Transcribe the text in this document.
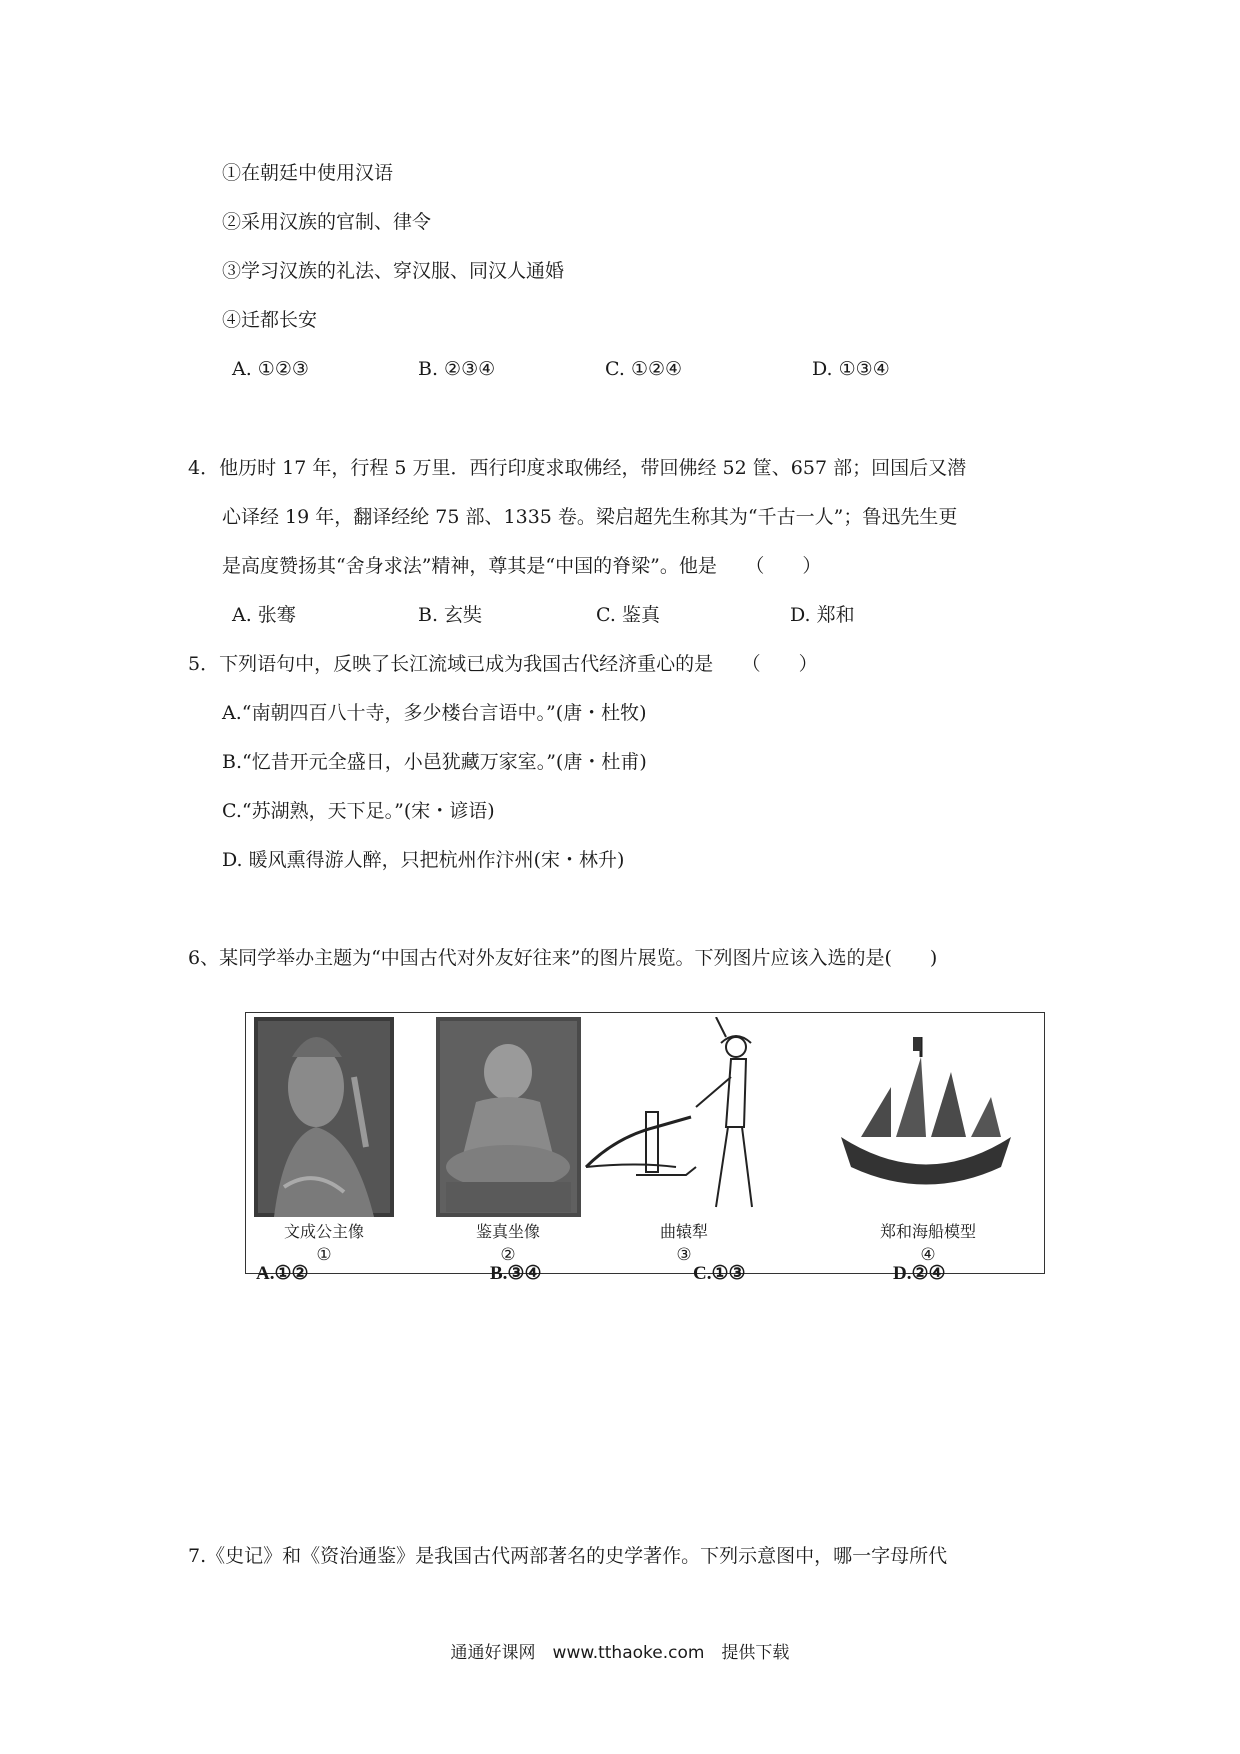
①在朝廷中使用汉语
②采用汉族的官制、律令
③学习汉族的礼法、穿汉服、同汉人通婚
④迁都长安
A. ①②③	B. ②③④	C. ①②④	D. ①③④
4．他历时 17 年，行程 5 万里．西行印度求取佛经，带回佛经 52 筐、657 部；回国后又潜
心译经 19 年，翻译经纶 75 部、1335 卷。梁启超先生称其为“千古一人”；鲁迅先生更
是高度赞扬其“舍身求法”精神，尊其是“中国的脊梁”。他是　　（　　）
A. 张骞	B. 玄奘	C. 鉴真	D. 郑和
5．下列语句中，反映了长江流域已成为我国古代经济重心的是　　（　　）
A.“南朝四百八十寺，多少楼台言语中。”(唐・杜牧)
B.“忆昔开元全盛日，小邑犹藏万家室。”(唐・杜甫)
C.“苏湖熟，天下足。”(宋・谚语)
D. 暖风熏得游人醉，只把杭州作汴州(宋・林升)
6、某同学举办主题为“中国古代对外友好往来”的图片展览。下列图片应该入选的是(　　)
文成公主像	鉴真坐像	曲辕犁	郑和海船模型
①	②	③	④
A.①②	B.③④	C.①③	D.②④
7.《史记》和《资治通鉴》是我国古代两部著名的史学著作。下列示意图中，哪一字母所代
通通好课网　www.tthaoke.com　提供下载
